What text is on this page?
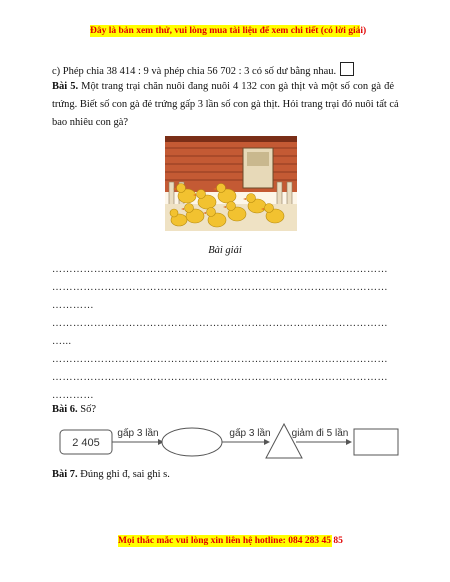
Đây là bản xem thử, vui lòng mua tài liệu để xem chi tiết (có lời giải)
c) Phép chia 38 414 : 9 và phép chia 56 702 : 3 có số dư bằng nhau.
Bài 5. Một trang trại chăn nuôi đang nuôi 4 132 con gà thịt và một số con gà đẻ
trứng. Biết số con gà đẻ trứng gấp 3 lần số con gà thịt. Hỏi trang trại đó nuôi tất cả
bao nhiêu con gà?
Bài giải
……………………………………………………………………………………
……………………………………………………………………………………
…………
……………………………………………………………………………………
…...
……………………………………………………………………………………
……………………………………………………………………………………
…………
Bài 6. Số?
2 405
gấp 3 lần	gấp 3 lần giảm đi 5 lần
Bài 7. Đúng ghi đ, sai ghi s.
Mọi thắc mắc vui lòng xin liên hệ hotline: 084 283 45 85
